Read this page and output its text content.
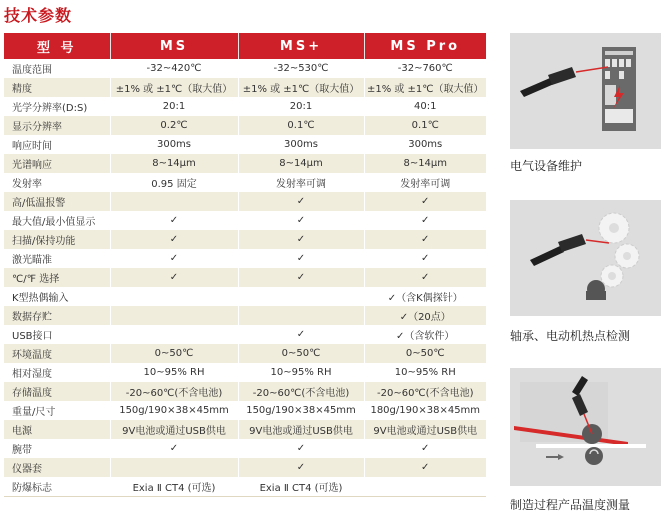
技术参数
型 号	MS	MS+	MS Pro
温度范围	-32~420℃	-32~530℃	-32~760℃
精度	±1% 或 ±1℃（取大值）	±1% 或 ±1℃（取大值）	±1% 或 ±1℃（取大值）
光学分辨率(D:S)	20:1	20:1	40:1
显示分辨率	0.2℃	0.1℃	0.1℃
响应时间	300ms	300ms	300ms
光谱响应	8~14μm	8~14μm	8~14μm
发射率	0.95 固定	发射率可调	发射率可调
高/低温报警		✓	✓
最大值/最小值显示	✓	✓	✓
扫描/保持功能	✓	✓	✓
激光瞄准	✓	✓	✓
℃/℉ 选择	✓	✓	✓
K型热偶输入			✓（含K偶探针）
数据存贮			✓（20点）
USB接口		✓	✓（含软件）
环境温度	0~50℃	0~50℃	0~50℃
相对湿度	10~95% RH	10~95% RH	10~95% RH
存储温度	-20~60℃(不含电池)	-20~60℃(不含电池)	-20~60℃(不含电池)
重量/尺寸	150g/190×38×45mm	150g/190×38×45mm	180g/190×38×45mm
电源	9V电池或通过USB供电	9V电池或通过USB供电	9V电池或通过USB供电
腕带	✓	✓	✓
仪器套		✓	✓
防爆标志	Exia Ⅱ CT4 (可选)	Exia Ⅱ CT4 (可选)	
电气设备维护
轴承、电动机热点检测
制造过程产品温度测量
